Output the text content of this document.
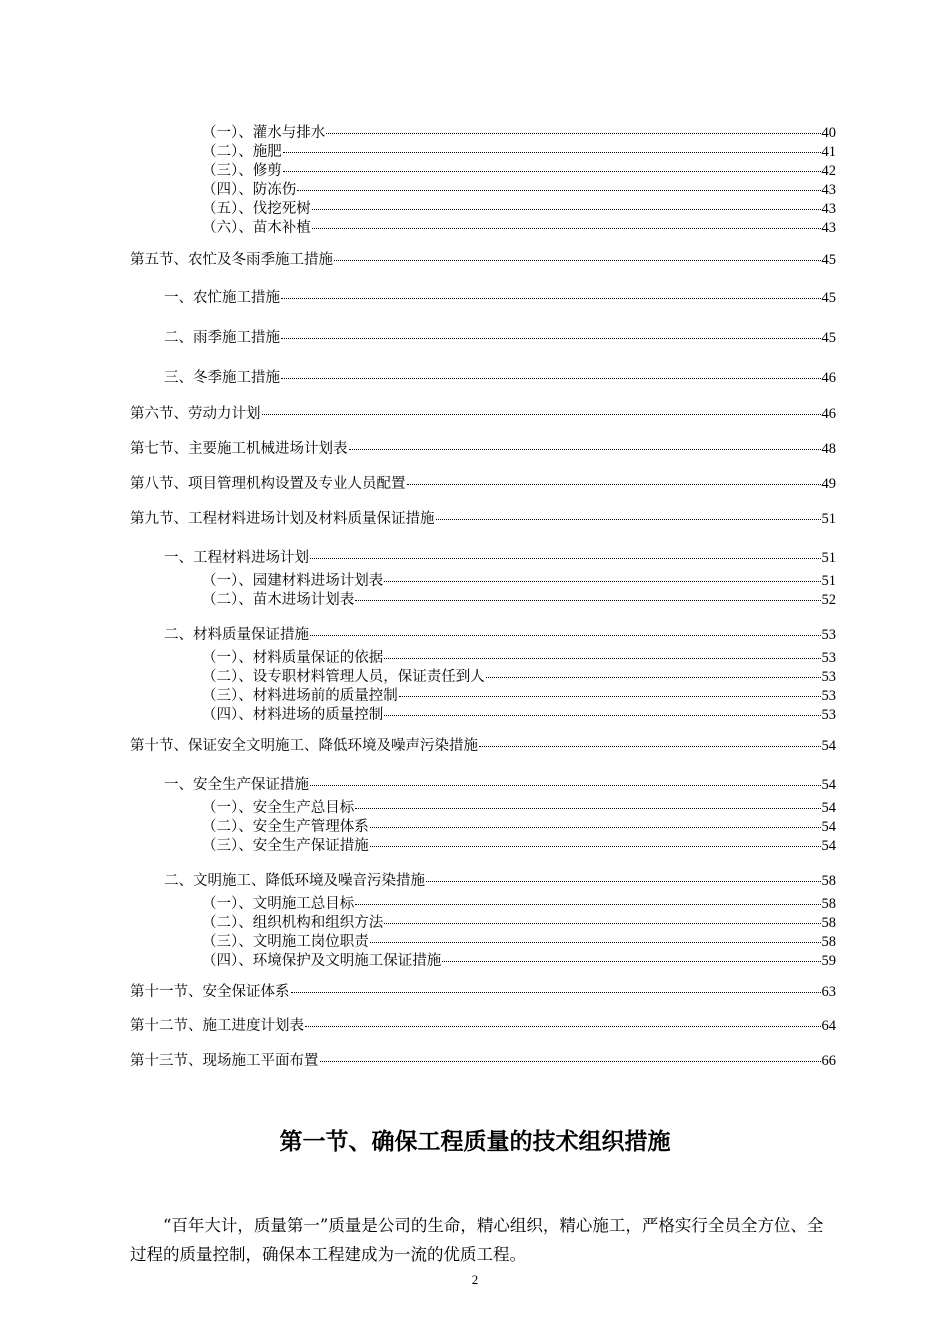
（一）、灌水与排水	40
（二）、施肥	41
（三）、修剪	42
（四）、防冻伤	43
（五）、伐挖死树	43
（六）、苗木补植	43
第五节、农忙及冬雨季施工措施	45
一、农忙施工措施	45
二、雨季施工措施	45
三、冬季施工措施	46
第六节、劳动力计划	46
第七节、主要施工机械进场计划表	48
第八节、项目管理机构设置及专业人员配置	49
第九节、工程材料进场计划及材料质量保证措施	51
一、工程材料进场计划	51
（一）、园建材料进场计划表	51
（二）、苗木进场计划表	52
二、材料质量保证措施	53
（一）、材料质量保证的依据	53
（二）、设专职材料管理人员，保证责任到人	53
（三）、材料进场前的质量控制	53
（四）、材料进场的质量控制	53
第十节、保证安全文明施工、降低环境及噪声污染措施	54
一、安全生产保证措施	54
（一）、安全生产总目标	54
（二）、安全生产管理体系	54
（三）、安全生产保证措施	54
二、文明施工、降低环境及噪音污染措施	58
（一）、文明施工总目标	58
（二）、组织机构和组织方法	58
（三）、文明施工岗位职责	58
（四）、环境保护及文明施工保证措施	59
第十一节、安全保证体系	63
第十二节、施工进度计划表	64
第十三节、现场施工平面布置	66
第一节、确保工程质量的技术组织措施
“百年大计，质量第一”质量是公司的生命，精心组织，精心施工，严格实行全员全方位、全过程的质量控制，确保本工程建成为一流的优质工程。
2
